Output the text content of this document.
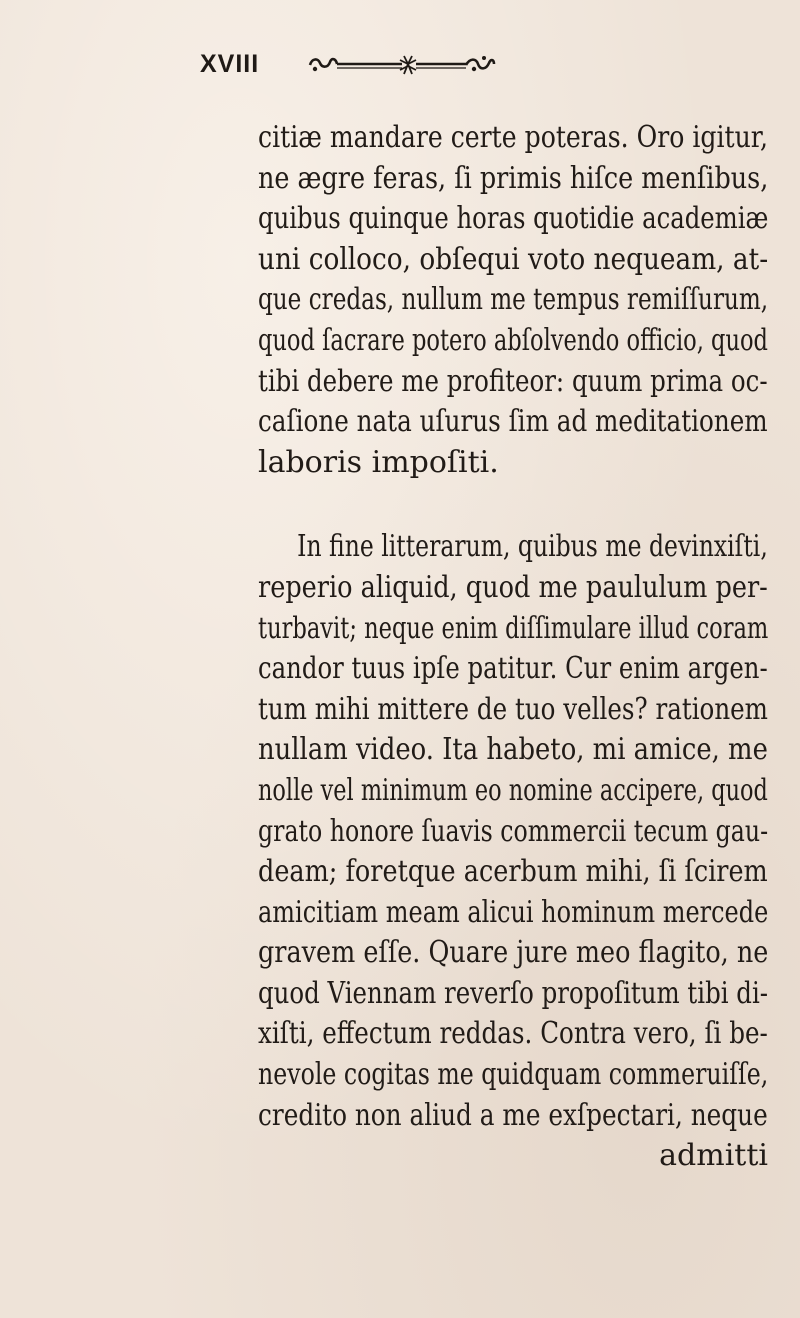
XVIII
citiæ mandare certe poteras. Oro igitur,
ne ægre feras, ſi primis hiſce menſibus,
quibus quinque horas quotidie academiæ
uni colloco, obſequi voto nequeam, at-
que credas, nullum me tempus remiſſurum,
quod ſacrare potero abſolvendo officio, quod
tibi debere me profiteor: quum prima oc-
caſione nata uſurus ſim ad meditationem
laboris impoſiti.
In fine litterarum, quibus me devinxiſti,
reperio aliquid, quod me paululum per-
turbavit; neque enim diſſimulare illud coram
candor tuus ipſe patitur. Cur enim argen-
tum mihi mittere de tuo velles? rationem
nullam video. Ita habeto, mi amice, me
nolle vel minimum eo nomine accipere, quod
grato honore ſuavis commercii tecum gau-
deam; foretque acerbum mihi, ſi ſcirem
amicitiam meam alicui hominum mercede
gravem eſſe. Quare jure meo flagito, ne
quod Viennam reverſo propoſitum tibi di-
xiſti, effectum reddas. Contra vero, ſi be-
nevole cogitas me quidquam commeruiſſe,
credito non aliud a me exſpectari, neque
admitti
